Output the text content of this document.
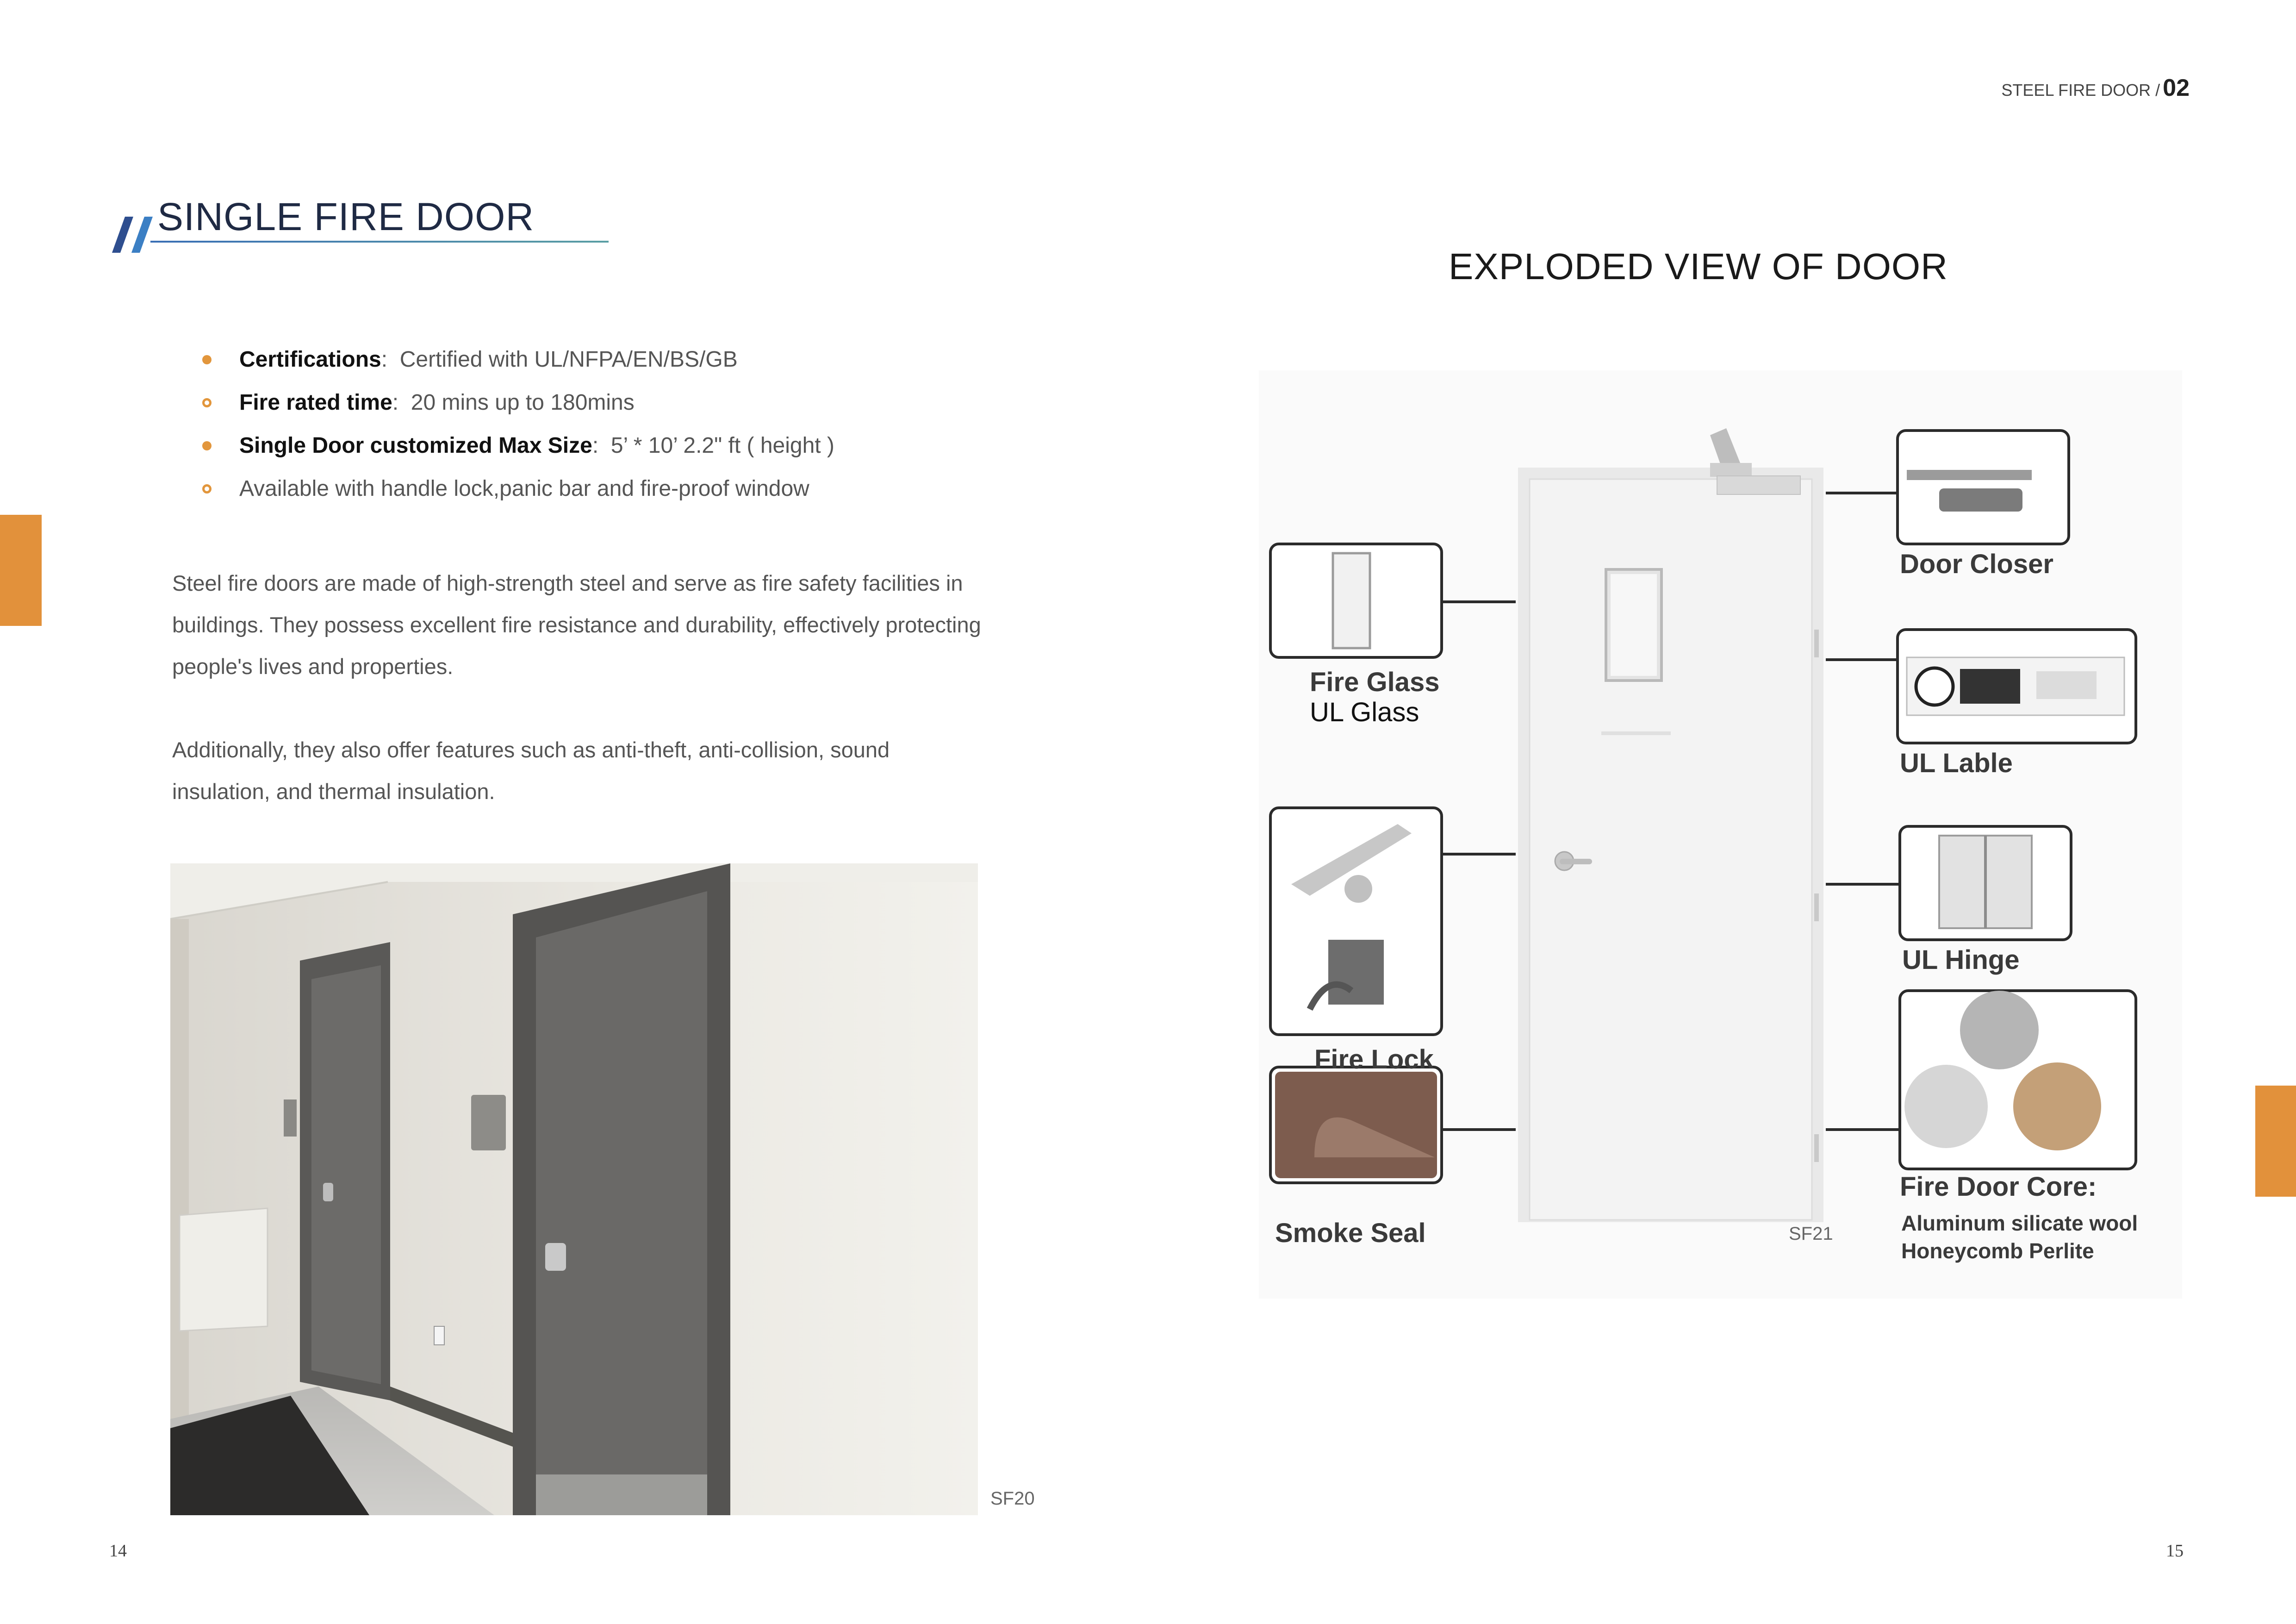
STEEL FIRE DOOR / 02
SINGLE FIRE DOOR
Certifications: Certified with UL/NFPA/EN/BS/GB
Fire rated time: 20 mins up to 180mins
Single Door customized Max Size: 5’ * 10’ 2.2" ft ( height )
Available with handle lock,panic bar and fire-proof window

Steel fire doors are made of high-strength steel and serve as fire safety facilities in buildings. They possess excellent fire resistance and durability, effectively protecting people's lives and properties.

Additionally, they also offer features such as anti-theft, anti-collision, sound insulation, and thermal insulation.

SF20
EXPLODED VIEW OF DOOR
Fire Glass
UL Glass
Fire Lock
Smoke Seal
Door Closer
UL Lable
UL Hinge
Fire Door Core:
Aluminum silicate wool
Honeycomb Perlite
SF21
14	15
